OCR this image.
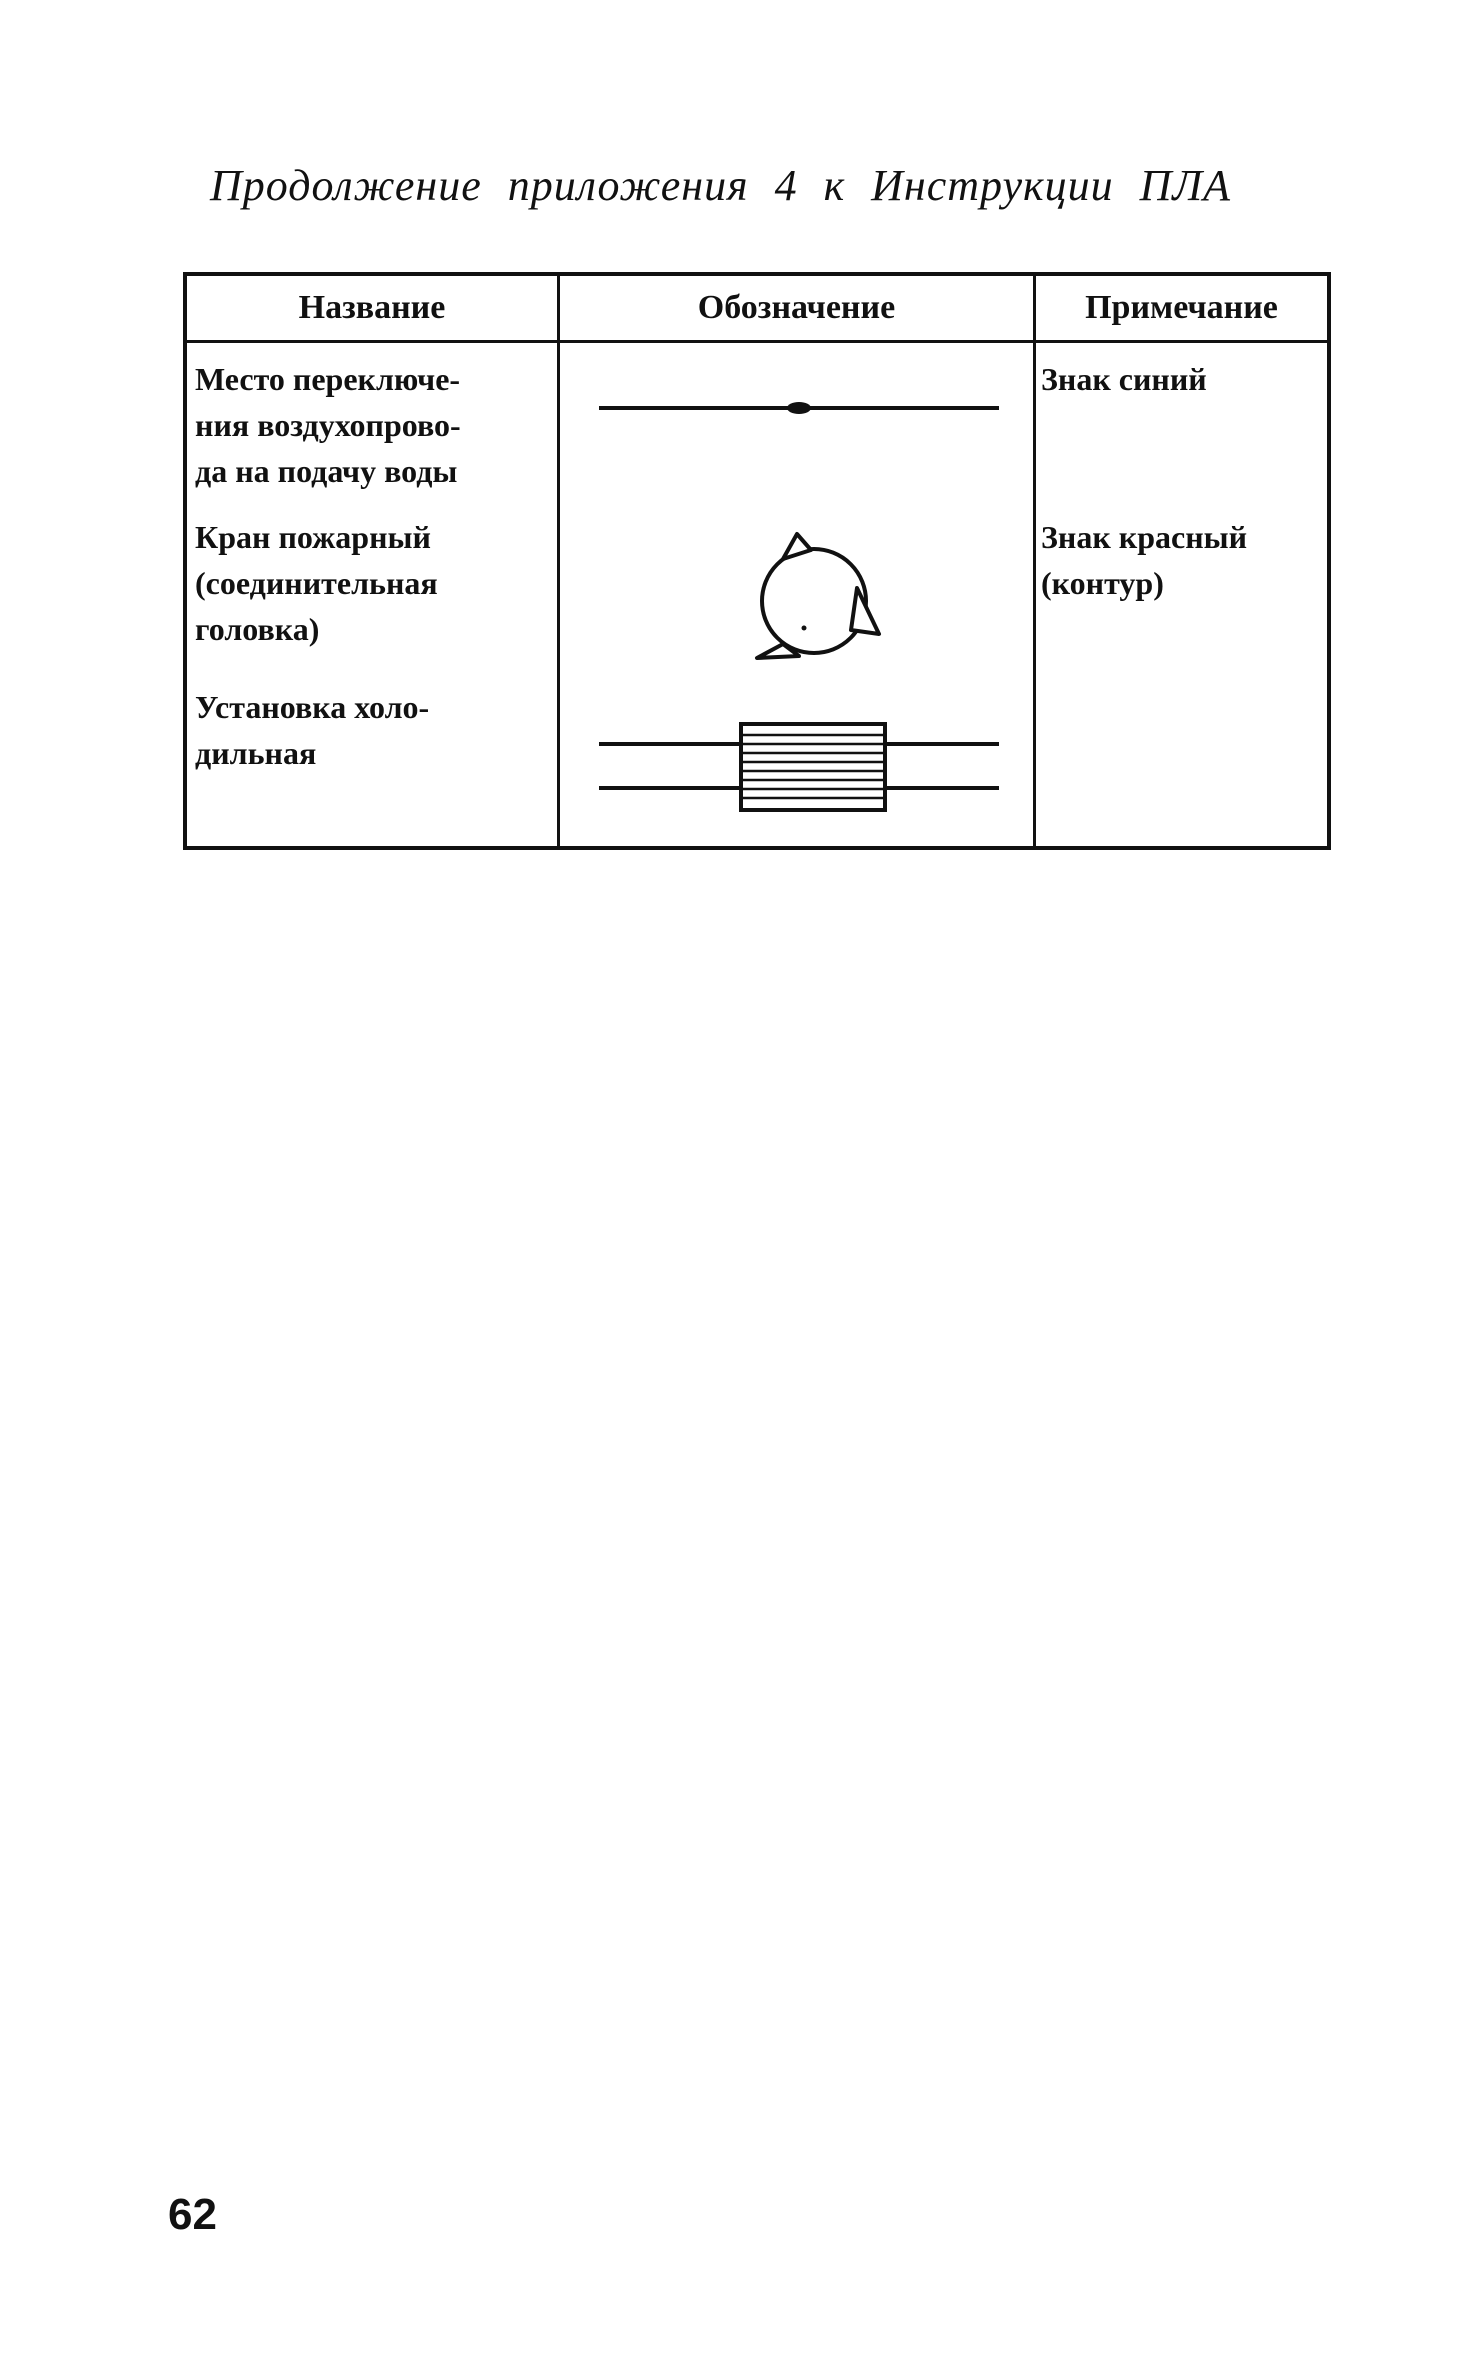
Продолжение приложения 4 к Инструкции ПЛА
Название	Обозначение	Примечание
Место переключе-
ния воздухопрово-
да на подачу воды
Знак синий
Кран пожарный
(соединительная
головка)
Знак красный
(контур)
Установка холо-
дильная
62
